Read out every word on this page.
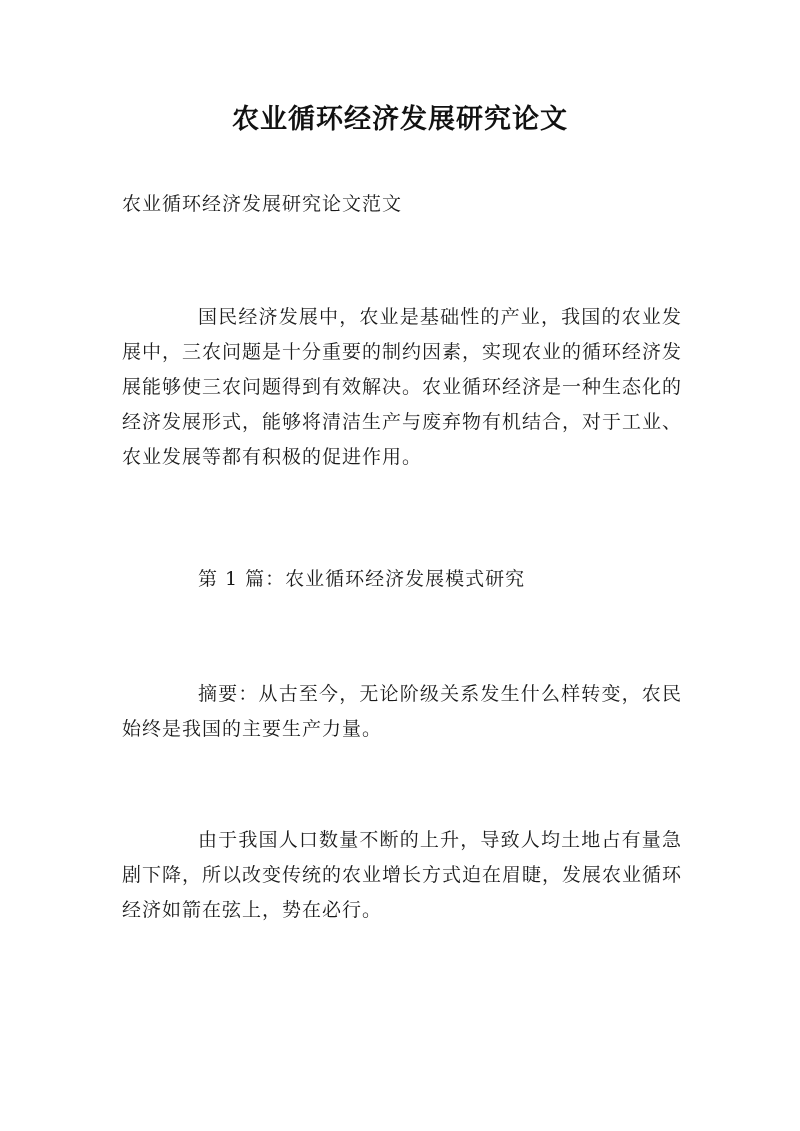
农业循环经济发展研究论文

农业循环经济发展研究论文范文

国民经济发展中，农业是基础性的产业，我国的农业发展中，三农问题是十分重要的制约因素，实现农业的循环经济发展能够使三农问题得到有效解决。农业循环经济是一种生态化的经济发展形式，能够将清洁生产与废弃物有机结合，对于工业、农业发展等都有积极的促进作用。

第 1 篇：农业循环经济发展模式研究

摘要：从古至今，无论阶级关系发生什么样转变，农民始终是我国的主要生产力量。

由于我国人口数量不断的上升，导致人均土地占有量急剧下降，所以改变传统的农业增长方式迫在眉睫，发展农业循环经济如箭在弦上，势在必行。
